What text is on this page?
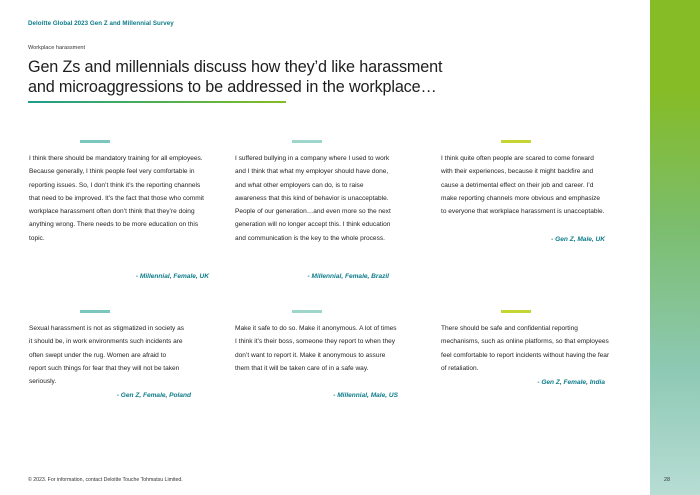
Deloitte Global 2023 Gen Z and Millennial Survey
Workplace harassment
Gen Zs and millennials discuss how they’d like harassment and microaggressions to be addressed in the workplace…
I think there should be mandatory training for all employees. Because generally, I think people feel very comfortable in reporting issues. So, I don’t think it’s the reporting channels that need to be improved. It’s the fact that those who commit workplace harassment often don’t think that they’re doing anything wrong. There needs to be more education on this topic.
- Millennial, Female, UK
I suffered bullying in a company where I used to work and I think that what my employer should have done, and what other employers can do, is to raise awareness that this kind of behavior is unacceptable. People of our generation…and even more so the next generation will no longer accept this. I think education and communication is the key to the whole process.
- Millennial, Female, Brazil
I think quite often people are scared to come forward with their experiences, because it might backfire and cause a detrimental effect on their job and career. I’d make reporting channels more obvious and emphasize to everyone that workplace harassment is unacceptable.
- Gen Z, Male, UK
Sexual harassment is not as stigmatized in society as it should be, in work environments such incidents are often swept under the rug. Women are afraid to report such things for fear that they will not be taken seriously.
- Gen Z, Female, Poland
Make it safe to do so. Make it anonymous. A lot of times I think it’s their boss, someone they report to when they don’t want to report it. Make it anonymous to assure them that it will be taken care of in a safe way.
- Millennial, Male, US
There should be safe and confidential reporting mechanisms, such as online platforms, so that employees feel comfortable to report incidents without having the fear of retaliation.
- Gen Z, Female, India
© 2023. For information, contact Deloitte Touche Tohmatsu Limited.	28
